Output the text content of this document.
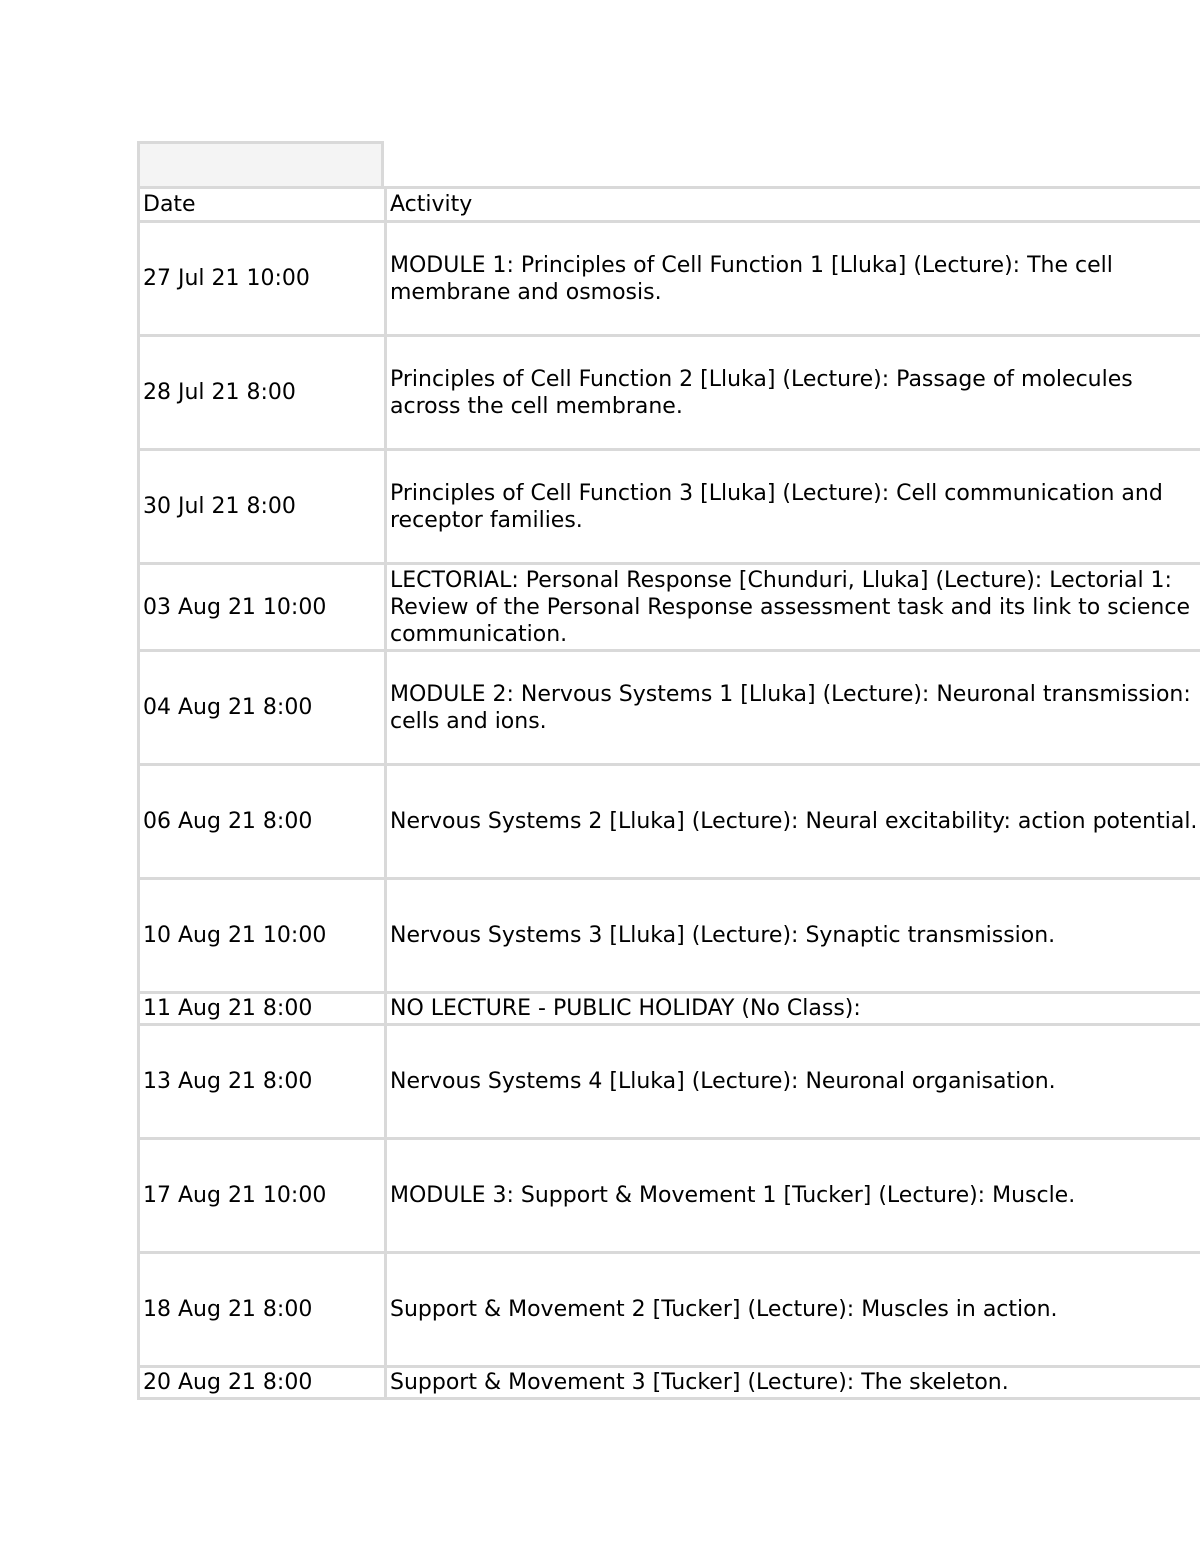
Date	Activity
27 Jul 21 10:00	MODULE 1: Principles of Cell Function 1 [Lluka] (Lecture): The cell membrane and osmosis.
28 Jul 21 8:00	Principles of Cell Function 2 [Lluka] (Lecture): Passage of molecules across the cell membrane.
30 Jul 21 8:00	Principles of Cell Function 3 [Lluka] (Lecture): Cell communication and receptor families.
03 Aug 21 10:00	LECTORIAL: Personal Response [Chunduri, Lluka] (Lecture): Lectorial 1: Review of the Personal Response assessment task and its link to science communication.
04 Aug 21 8:00	MODULE 2: Nervous Systems 1 [Lluka] (Lecture): Neuronal transmission: cells and ions.
06 Aug 21 8:00	Nervous Systems 2 [Lluka] (Lecture): Neural excitability: action potential.
10 Aug 21 10:00	Nervous Systems 3 [Lluka] (Lecture): Synaptic transmission.
11 Aug 21 8:00	NO LECTURE - PUBLIC HOLIDAY (No Class):
13 Aug 21 8:00	Nervous Systems 4 [Lluka] (Lecture): Neuronal organisation.
17 Aug 21 10:00	MODULE 3: Support & Movement 1 [Tucker] (Lecture): Muscle.
18 Aug 21 8:00	Support & Movement 2 [Tucker] (Lecture): Muscles in action.
20 Aug 21 8:00	Support & Movement 3 [Tucker] (Lecture): The skeleton.
